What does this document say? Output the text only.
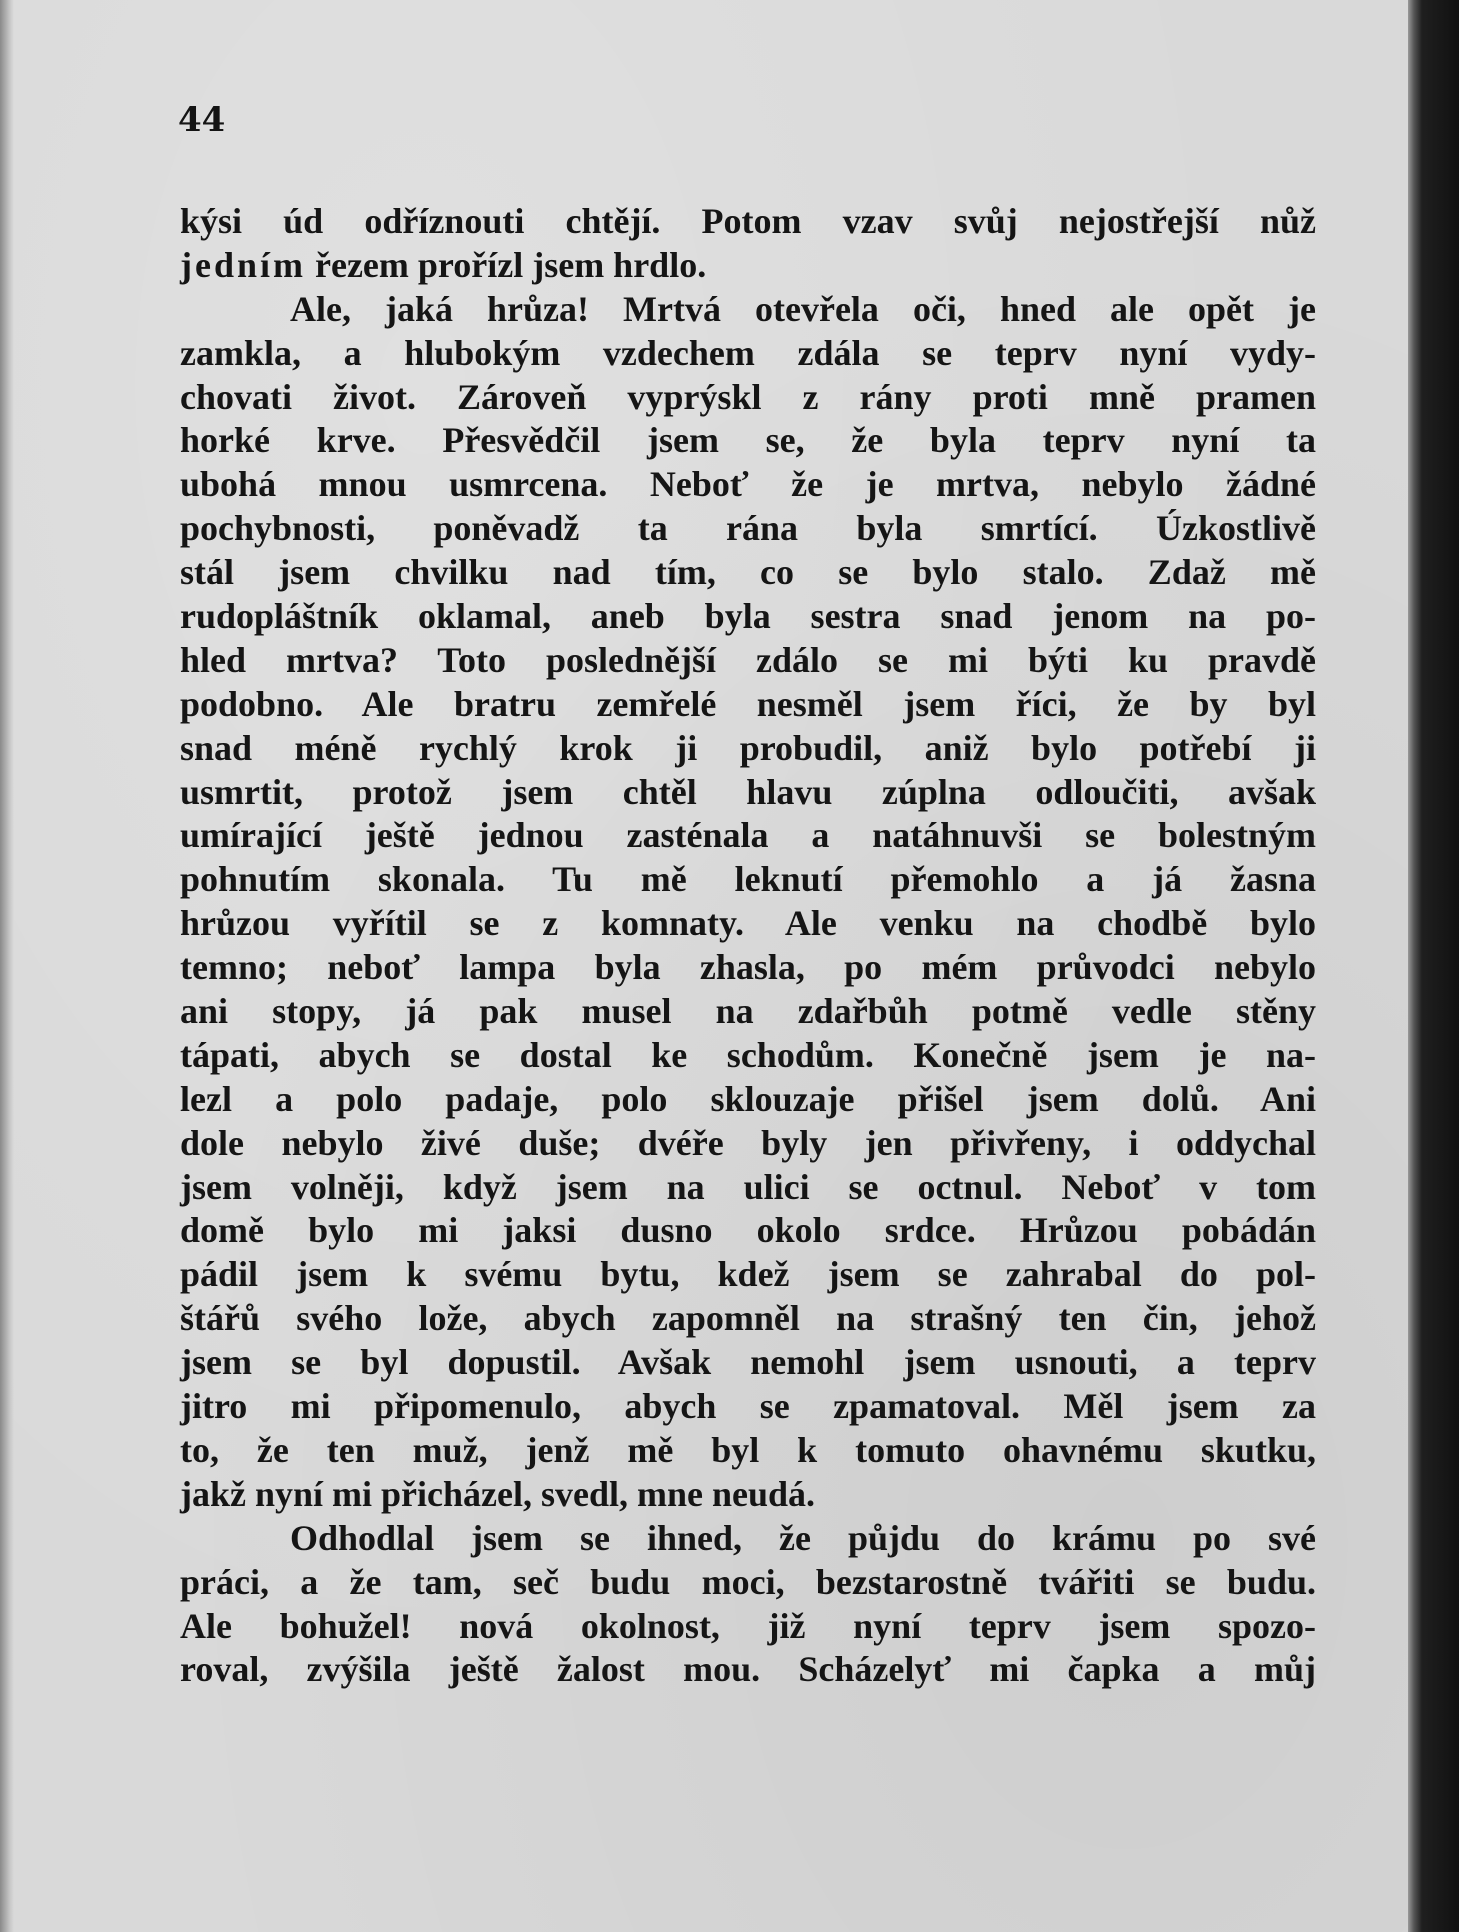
44
kýsi úd odříznouti chtějí. Potom vzav svůj nejostřejší nůž
jedním řezem prořízl jsem hrdlo.
Ale, jaká hrůza! Mrtvá otevřela oči, hned ale opět je
zamkla, a hlubokým vzdechem zdála se teprv nyní vydy-
chovati život. Zároveň vyprýskl z rány proti mně pramen
horké krve. Přesvědčil jsem se, že byla teprv nyní ta
ubohá mnou usmrcena. Neboť že je mrtva, nebylo žádné
pochybnosti, poněvadž ta rána byla smrtící. Úzkostlivě
stál jsem chvilku nad tím, co se bylo stalo. Zdaž mě
rudopláštník oklamal, aneb byla sestra snad jenom na po-
hled mrtva? Toto poslednější zdálo se mi býti ku pravdě
podobno. Ale bratru zemřelé nesměl jsem říci, že by byl
snad méně rychlý krok ji probudil, aniž bylo potřebí ji
usmrtit, protož jsem chtěl hlavu zúplna odloučiti, avšak
umírající ještě jednou zasténala a natáhnuvši se bolestným
pohnutím skonala. Tu mě leknutí přemohlo a já žasna
hrůzou vyřítil se z komnaty. Ale venku na chodbě bylo
temno; neboť lampa byla zhasla, po mém průvodci nebylo
ani stopy, já pak musel na zdařbůh potmě vedle stěny
tápati, abych se dostal ke schodům. Konečně jsem je na-
lezl a polo padaje, polo sklouzaje přišel jsem dolů. Ani
dole nebylo živé duše; dvéře byly jen přivřeny, i oddychal
jsem volněji, když jsem na ulici se octnul. Neboť v tom
domě bylo mi jaksi dusno okolo srdce. Hrůzou pobádán
pádil jsem k svému bytu, kdež jsem se zahrabal do pol-
štářů svého lože, abych zapomněl na strašný ten čin, jehož
jsem se byl dopustil. Avšak nemohl jsem usnouti, a teprv
jitro mi připomenulo, abych se zpamatoval. Měl jsem za
to, že ten muž, jenž mě byl k tomuto ohavnému skutku,
jakž nyní mi přicházel, svedl, mne neudá.
Odhodlal jsem se ihned, že půjdu do krámu po své
práci, a že tam, seč budu moci, bezstarostně tvářiti se budu.
Ale bohužel! nová okolnost, již nyní teprv jsem spozo-
roval, zvýšila ještě žalost mou. Scházelyť mi čapka a můj
